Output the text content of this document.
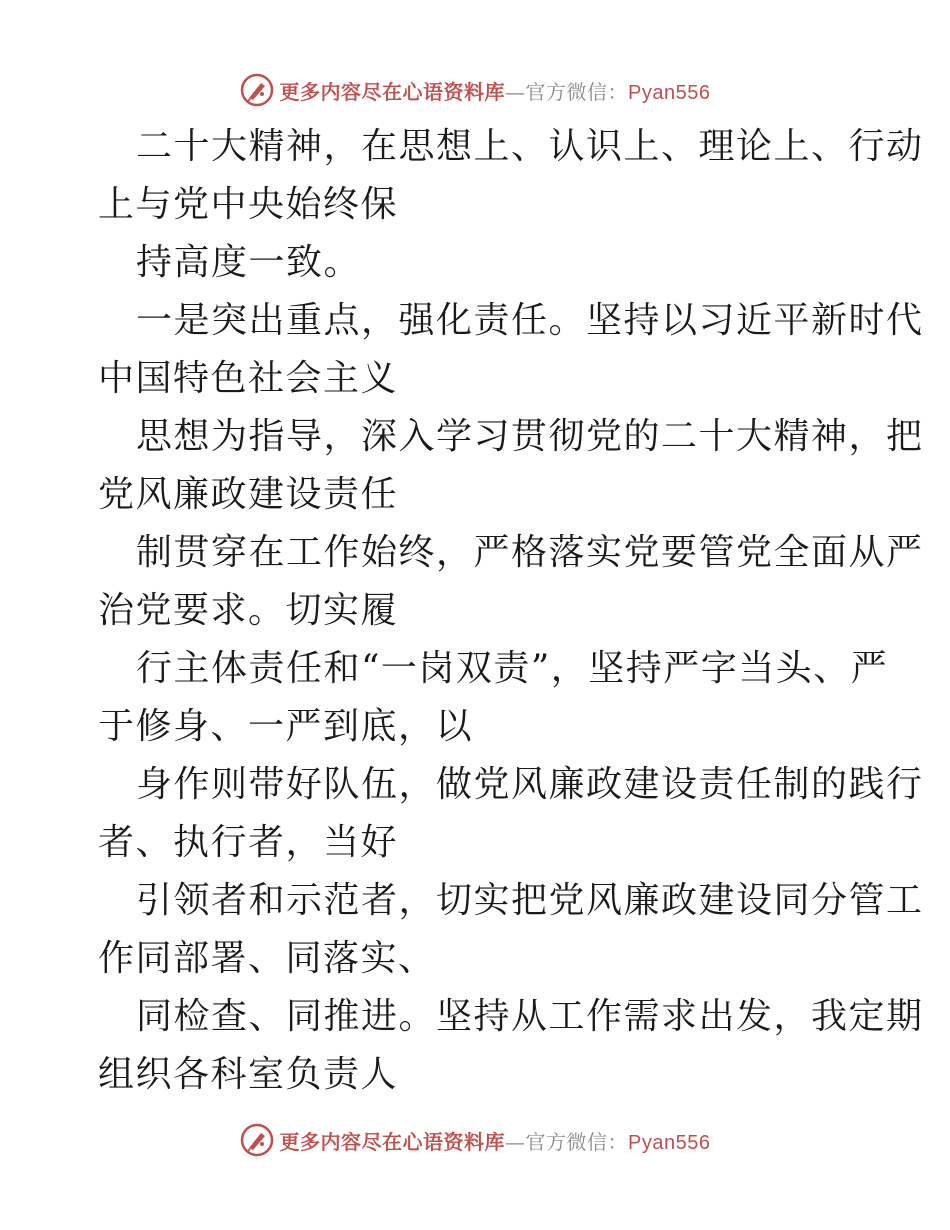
更多内容尽在心语资料库—官方微信：Pyan556
二十大精神，在思想上、认识上、理论上、行动
上与党中央始终保
持高度一致。
一是突出重点，强化责任。坚持以习近平新时代
中国特色社会主义
思想为指导，深入学习贯彻党的二十大精神，把
党风廉政建设责任
制贯穿在工作始终，严格落实党要管党全面从严
治党要求。切实履
行主体责任和“一岗双责”，坚持严字当头、严
于修身、一严到底，以
身作则带好队伍，做党风廉政建设责任制的践行
者、执行者，当好
引领者和示范者，切实把党风廉政建设同分管工
作同部署、同落实、
同检查、同推进。坚持从工作需求出发，我定期
组织各科室负责人
更多内容尽在心语资料库—官方微信：Pyan556
